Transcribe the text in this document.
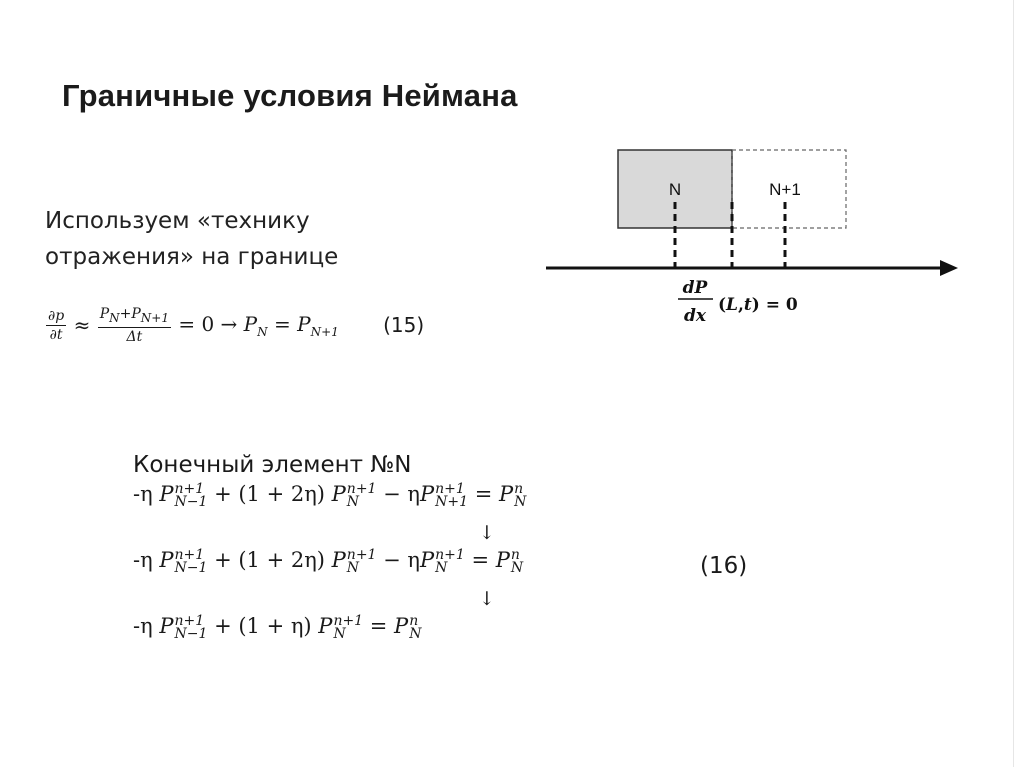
Граничные условия Неймана
Используем «технику
отражения» на границе
$\frac{\partial p}{\partial t} \approx \frac{P_N+P_{N+1}}{\Delta t} = 0 \to P_N = P_{N+1}$ (15)
Конечный элемент №N
-η P n+1
N−1 + (1 + 2η) P n+1
N − ηP n+1
N+1 = P n
N
↓
-η P n+1
N−1 + (1 + 2η) P n+1
N − ηP n+1
N = P n
N
↓
-η P n+1
N−1 + (1 + η) P n+1
N = P n
N
(16)
N	N+1
dP
dx
(L,t) = 0
